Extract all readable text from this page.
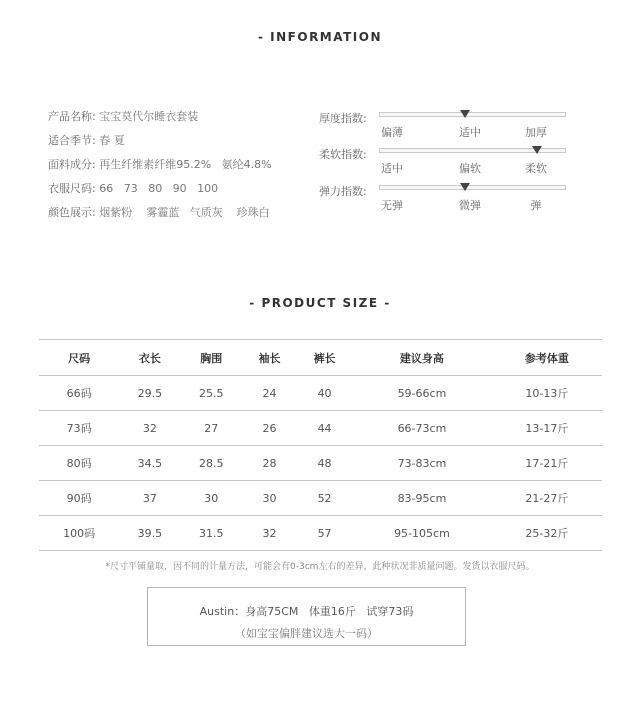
- INFORMATION
产品名称: 宝宝莫代尔睡衣套装
适合季节: 春 夏
面料成分: 再生纤维素纤维95.2%   氨纶4.8%
衣服尺码: 66   73   80   90   100
颜色展示: 烟紫粉    雾霾蓝   气质灰    珍珠白
厚度指数:
偏薄	适中	加厚
柔软指数:
适中	偏软	柔软
弹力指数:
无弹	微弹	弹
- PRODUCT SIZE -
尺码	衣长	胸围	袖长	裤长	建议身高	参考体重
66码	29.5	25.5	24	40	59-66cm	10-13斤
73码	32	27	26	44	66-73cm	13-17斤
80码	34.5	28.5	28	48	73-83cm	17-21斤
90码	37	30	30	52	83-95cm	21-27斤
100码	39.5	31.5	32	57	95-105cm	25-32斤
*尺寸平铺量取，因不同的计量方法，可能会有0-3cm左右的差异，此种状况非质量问题。发货以衣服尺码。
Austin：身高75CM   体重16斤   试穿73码
（如宝宝偏胖建议选大一码）
